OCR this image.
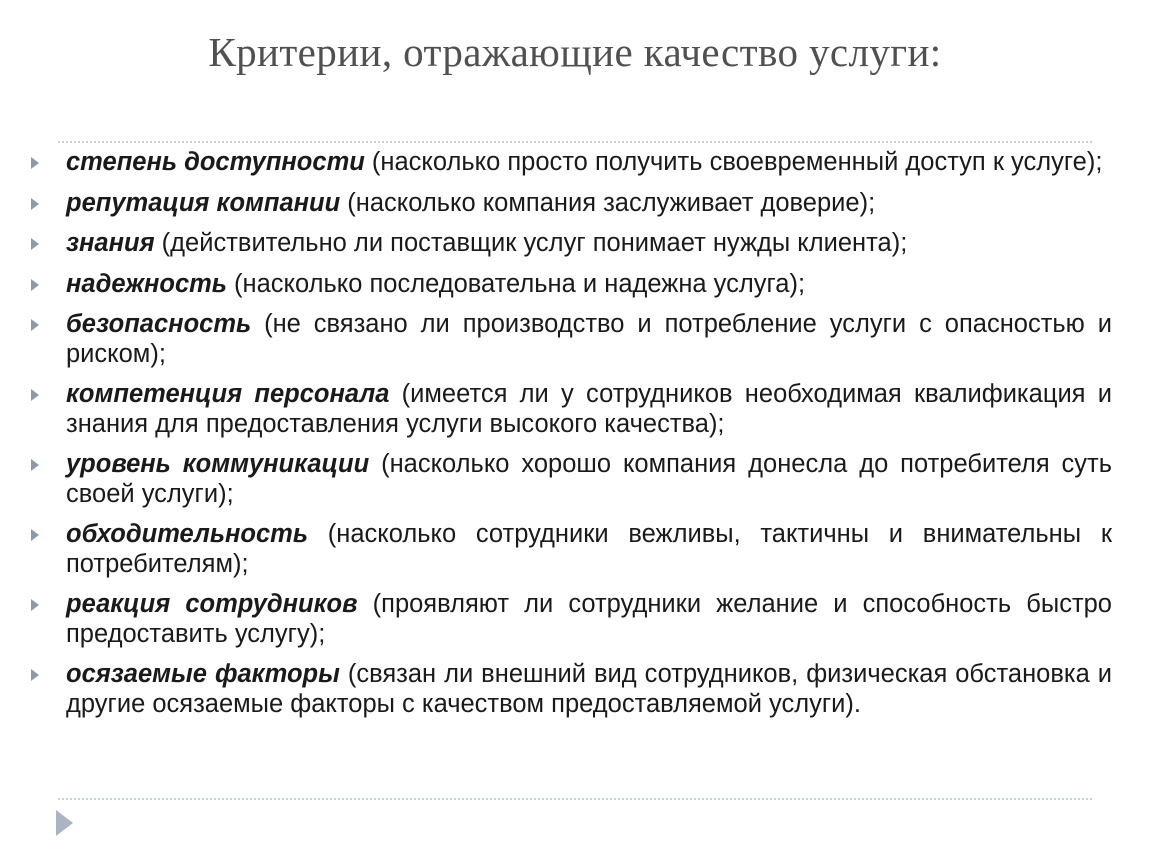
Критерии, отражающие качество услуги:
степень доступности (насколько просто получить своевременный доступ к услуге);
репутация компании (насколько компания заслуживает доверие);
знания (действительно ли поставщик услуг понимает нужды клиента);
надежность (насколько последовательна и надежна услуга);
безопасность (не связано ли производство и потребление услуги с опасностью и риском);
компетенция персонала (имеется ли у сотрудников необходимая квалификация и знания для предоставления услуги высокого качества);
уровень коммуникации (насколько хорошо компания донесла до потребителя суть своей услуги);
обходительность (насколько сотрудники вежливы, тактичны и внимательны к потребителям);
реакция сотрудников (проявляют ли сотрудники желание и способность быстро предоставить услугу);
осязаемые факторы (связан ли внешний вид сотрудников, физическая обстановка и другие осязаемые факторы с качеством предоставляемой услуги).
